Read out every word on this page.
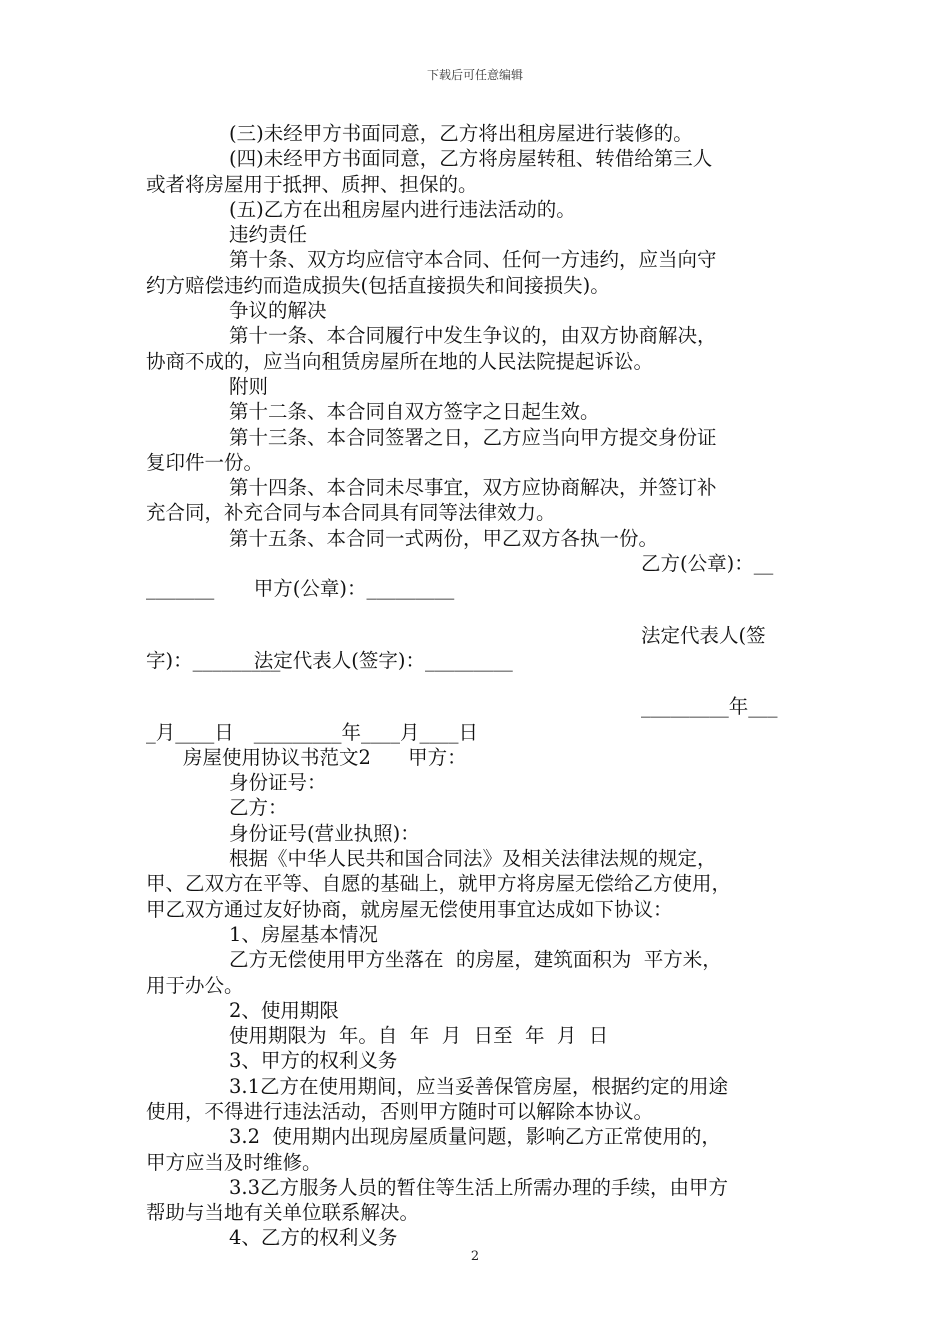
下载后可任意编辑
(三)未经甲方书面同意，乙方将出租房屋进行装修的。
(四)未经甲方书面同意，乙方将房屋转租、转借给第三人
或者将房屋用于抵押、质押、担保的。
(五)乙方在出租房屋内进行违法活动的。
违约责任
第十条、双方均应信守本合同、任何一方违约，应当向守
约方赔偿违约而造成损失(包括直接损失和间接损失)。
争议的解决
第十一条、本合同履行中发生争议的，由双方协商解决，
协商不成的，应当向租赁房屋所在地的人民法院提起诉讼。
附则
第十二条、本合同自双方签字之日起生效。
第十三条、本合同签署之日，乙方应当向甲方提交身份证
复印件一份。
第十四条、本合同未尽事宜，双方应协商解决，并签订补
充合同，补充合同与本合同具有同等法律效力。
第十五条、本合同一式两份，甲乙双方各执一份。

甲方(公章)：_________

乙方(公章)：__

_______

法定代表人(签字)：_________

法定代表人(签

字)：_________

_________年____月____日

_________年___

_月____日
房屋使用协议书范文2      甲方：
身份证号：
乙方：
身份证号(营业执照)：
根据《中华人民共和国合同法》及相关法律法规的规定，
甲、乙双方在平等、自愿的基础上，就甲方将房屋无偿给乙方使用，
甲乙双方通过友好协商，就房屋无偿使用事宜达成如下协议：
1、房屋基本情况
乙方无偿使用甲方坐落在  的房屋，建筑面积为  平方米，
用于办公。
2、使用期限
使用期限为  年。自  年  月  日至  年  月  日
3、甲方的权利义务
3.1乙方在使用期间，应当妥善保管房屋，根据约定的用途
使用，不得进行违法活动，否则甲方随时可以解除本协议。
3.2  使用期内出现房屋质量问题，影响乙方正常使用的，
甲方应当及时维修。
3.3乙方服务人员的暂住等生活上所需办理的手续，由甲方
帮助与当地有关单位联系解决。
4、乙方的权利义务
2
